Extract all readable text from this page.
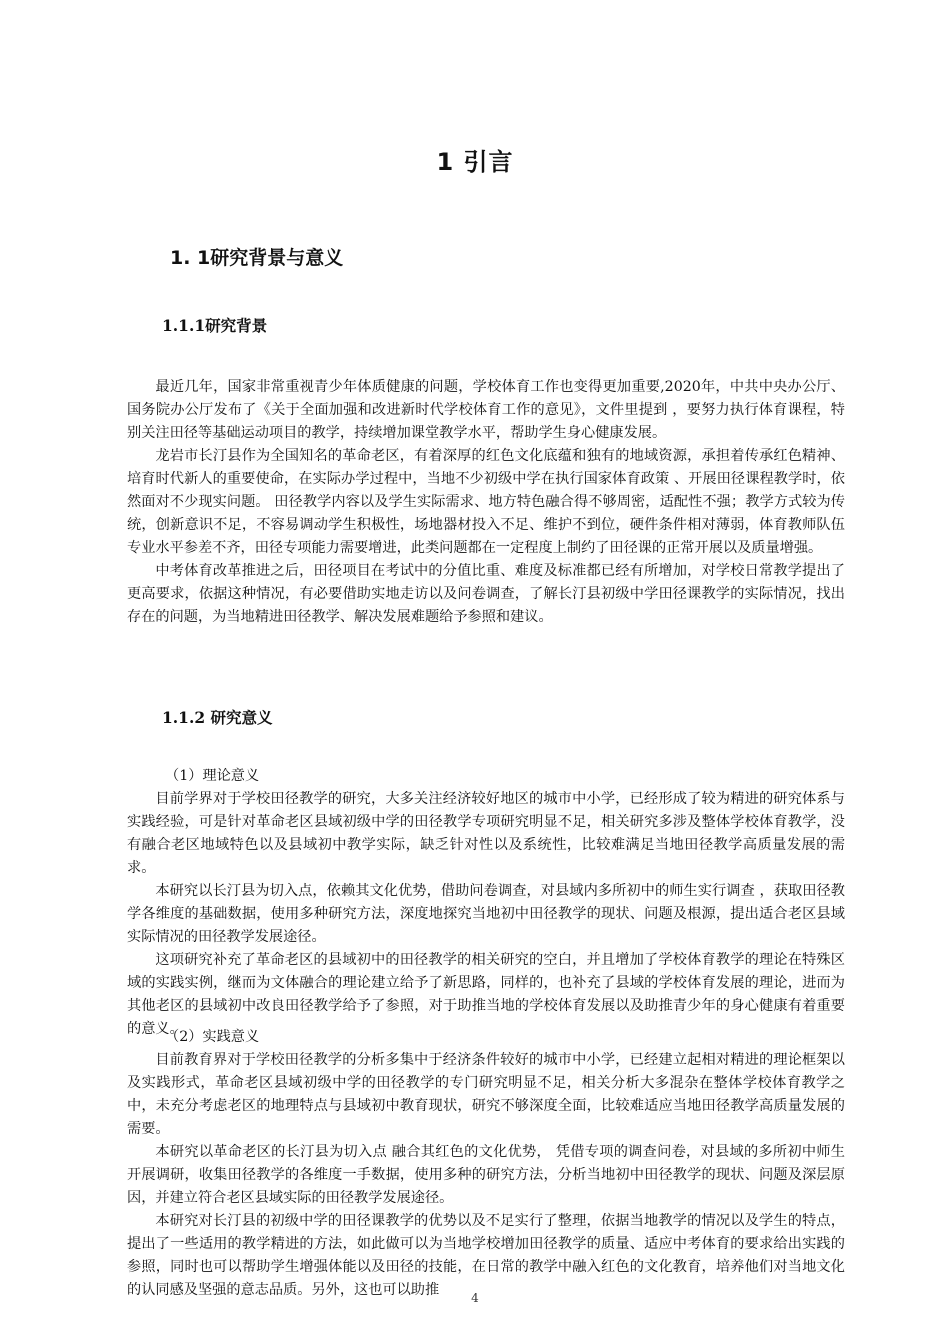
1 引言
1. 1研究背景与意义
1.1.1研究背景

最近几年，国家非常重视青少年体质健康的问题，学校体育工作也变得更加重要,2020年，中共中央办公厅、国务院办公厅发布了《关于全面加强和改进新时代学校体育工作的意见》，文件里提到 ，要努力执行体育课程，特别关注田径等基础运动项目的教学，持续增加课堂教学水平，帮助学生身心健康发展。

龙岩市长汀县作为全国知名的革命老区，有着深厚的红色文化底蕴和独有的地域资源，承担着传承红色精神、培育时代新人的重要使命，在实际办学过程中，当地不少初级中学在执行国家体育政策 、开展田径课程教学时，依然面对不少现实问题。 田径教学内容以及学生实际需求、地方特色融合得不够周密，适配性不强；教学方式较为传统，创新意识不足，不容易调动学生积极性，场地器材投入不足、维护不到位，硬件条件相对薄弱，体育教师队伍专业水平参差不齐，田径专项能力需要增进，此类问题都在一定程度上制约了田径课的正常开展以及质量增强。

中考体育改革推进之后，田径项目在考试中的分值比重、难度及标准都已经有所增加，对学校日常教学提出了更高要求，依据这种情况，有必要借助实地走访以及问卷调查，了解长汀县初级中学田径课教学的实际情况，找出存在的问题，为当地精进田径教学、解决发展难题给予参照和建议。

1.1.2 研究意义
（1）理论意义

目前学界对于学校田径教学的研究，大多关注经济较好地区的城市中小学，已经形成了较为精进的研究体系与实践经验，可是针对革命老区县域初级中学的田径教学专项研究明显不足，相关研究多涉及整体学校体育教学，没有融合老区地域特色以及县域初中教学实际，缺乏针对性以及系统性，比较难满足当地田径教学高质量发展的需求。

本研究以长汀县为切入点，依赖其文化优势，借助问卷调查，对县域内多所初中的师生实行调查 ，获取田径教学各维度的基础数据，使用多种研究方法，深度地探究当地初中田径教学的现状、问题及根源，提出适合老区县域实际情况的田径教学发展途径。

这项研究补充了革命老区的县域初中的田径教学的相关研究的空白，并且增加了学校体育教学的理论在特殊区域的实践实例，继而为文体融合的理论建立给予了新思路，同样的，也补充了县域的学校体育发展的理论，进而为其他老区的县域初中改良田径教学给予了参照，对于助推当地的学校体育发展以及助推青少年的身心健康有着重要的意义。

（2）实践意义

目前教育界对于学校田径教学的分析多集中于经济条件较好的城市中小学，已经建立起相对精进的理论框架以及实践形式，革命老区县域初级中学的田径教学的专门研究明显不足，相关分析大多混杂在整体学校体育教学之中，未充分考虑老区的地理特点与县域初中教育现状，研究不够深度全面，比较难适应当地田径教学高质量发展的需要。

本研究以革命老区的长汀县为切入点 融合其红色的文化优势， 凭借专项的调查问卷，对县域的多所初中师生开展调研，收集田径教学的各维度一手数据，使用多种的研究方法，分析当地初中田径教学的现状、问题及深层原因，并建立符合老区县域实际的田径教学发展途径。

本研究对长汀县的初级中学的田径课教学的优势以及不足实行了整理，依据当地教学的情况以及学生的特点，提出了一些适用的教学精进的方法，如此做可以为当地学校增加田径教学的质量、适应中考体育的要求给出实践的参照，同时也可以帮助学生增强体能以及田径的技能，在日常的教学中融入红色的文化教育，培养他们对当地文化的认同感及坚强的意志品质。另外，这也可以助推	4
